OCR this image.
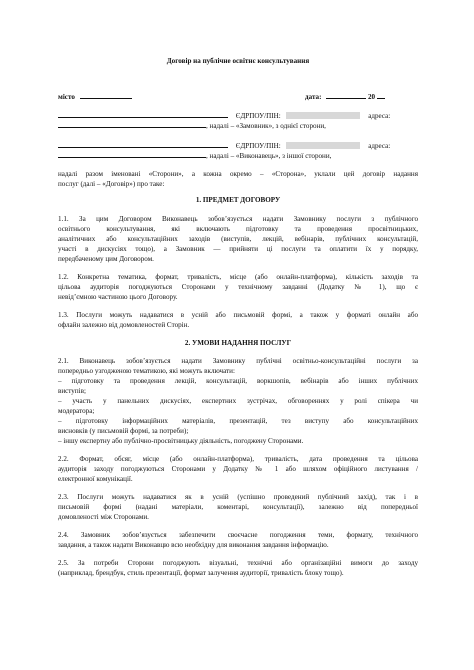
Договір на публічне освітнє консультування
місто	дата:	20
ЄДРПОУ/ПІН:	адреса:
, надалі – «Замовник», з однієї сторони,
ЄДРПОУ/ПІН:	адреса:
, надалі – «Виконавець», з іншої сторони,
надалі разом іменовані «Сторони», а кожна окремо – «Сторона», уклали цей договір надання
послуг (далі – «Договір») про таке:
1. ПРЕДМЕТ ДОГОВОРУ
1.1. За цим Договором Виконавець зобов’язується надати Замовнику послуги з публічного
освітнього консультування, які включають підготовку та проведення просвітницьких,
аналітичних або консультаційних заходів (виступів, лекцій, вебінарів, публічних консультацій,
участі в дискусіях тощо), а Замовник — прийняти ці послуги та оплатити їх у порядку,
передбаченому цим Договором.
1.2. Конкретна тематика, формат, тривалість, місце (або онлайн-платформа), кількість заходів та
цільова аудиторія погоджуються Сторонами у технічному завданні (Додатку № 1), що є
невід’ємною частиною цього Договору.
1.3. Послуги можуть надаватися в усній або письмовій формі, а також у форматі онлайн або
офлайн залежно від домовленостей Сторін.
2. УМОВИ НАДАННЯ ПОСЛУГ
2.1. Виконавець зобов’язується надати Замовнику публічні освітньо-консультаційні послуги за
попередньо узгодженою тематикою, які можуть включати:
– підготовку та проведення лекцій, консультацій, воркшопів, вебінарів або інших публічних
виступів;
– участь у панельних дискусіях, експертних зустрічах, обговореннях у ролі спікера чи
модератора;
– підготовку інформаційних матеріалів, презентацій, тез виступу або консультаційних
висновків (у письмовій формі, за потреби);
– іншу експертну або публічно-просвітницьку діяльність, погоджену Сторонами.
2.2. Формат, обсяг, місце (або онлайн-платформа), тривалість, дата проведення та цільова
аудиторія заходу погоджуються Сторонами у Додатку № 1 або шляхом офіційного листування /
електронної комунікації.
2.3. Послуги можуть надаватися як в усній (успішно проведений публічний захід), так і в
письмовій формі (надані матеріали, коментарі, консультації), залежно від попередньої
домовленості між Сторонами.
2.4. Замовник зобов’язується забезпечити своєчасне погодження теми, формату, технічного
завдання, а також надати Виконавцю всю необхідну для виконання завдання інформацію.
2.5. За потреби Сторони погоджують візуальні, технічні або організаційні вимоги до заходу
(наприклад, брендбук, стиль презентації, формат залучення аудиторії, тривалість блоку тощо).
